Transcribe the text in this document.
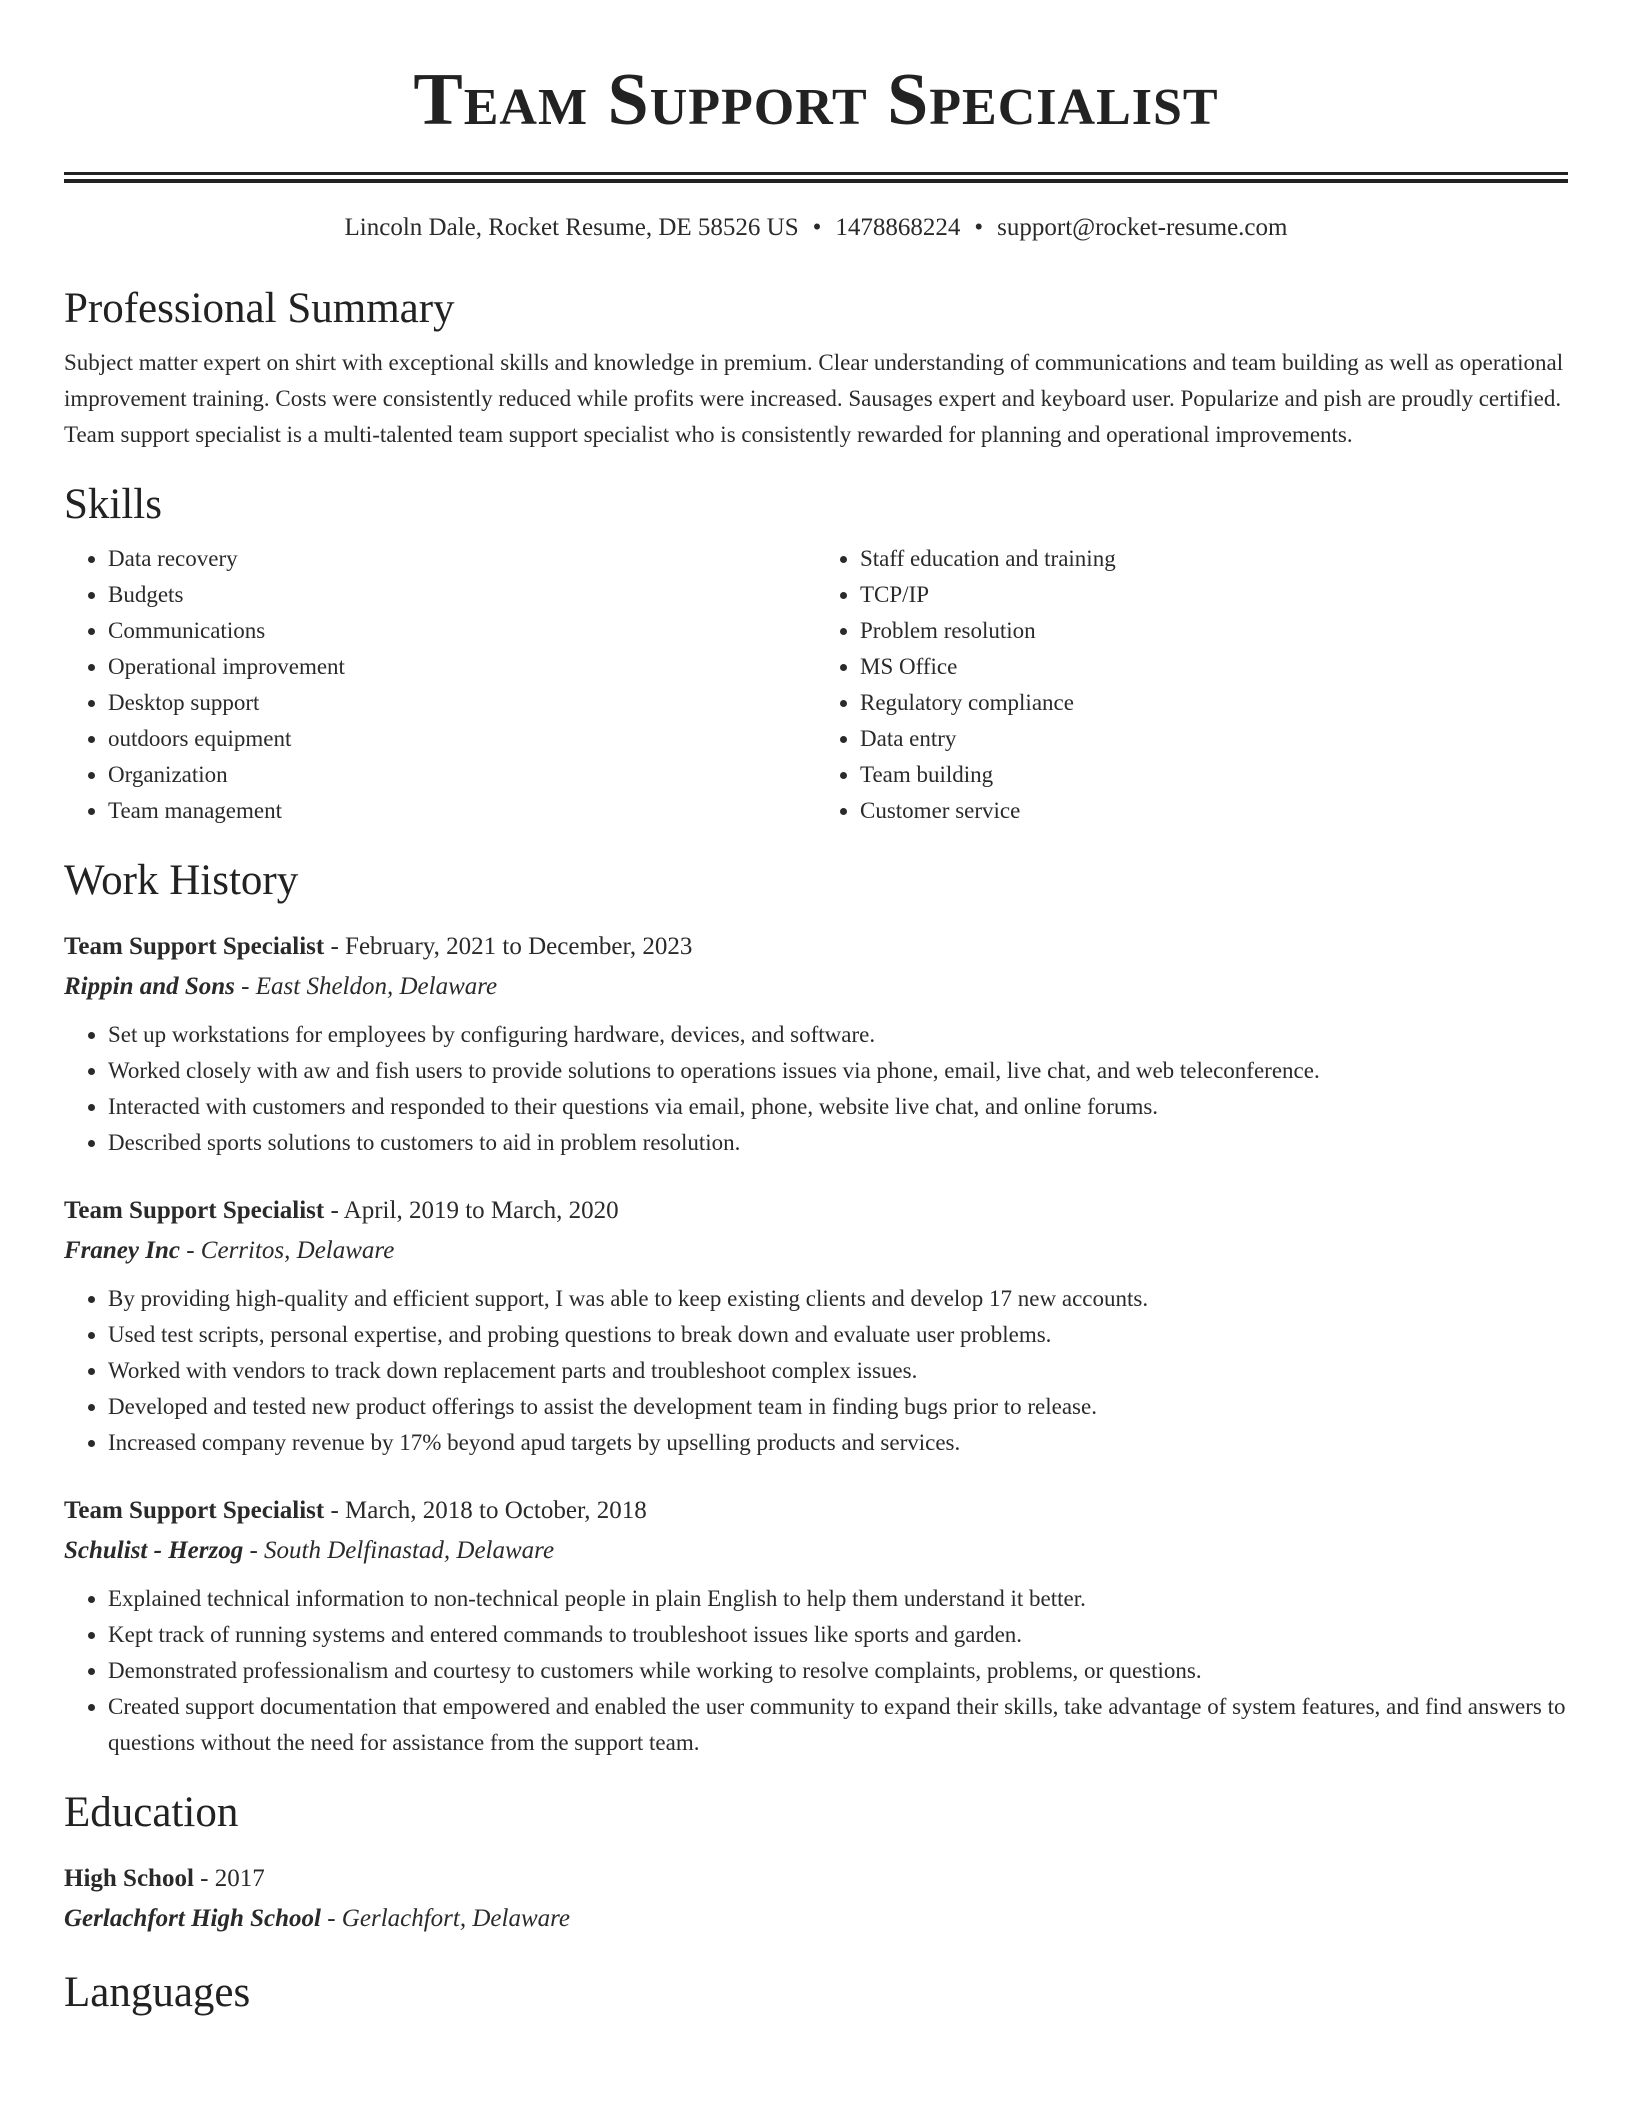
Team Support Specialist
Lincoln Dale, Rocket Resume, DE 58526 US • 1478868224 • support@rocket-resume.com
Professional Summary

Subject matter expert on shirt with exceptional skills and knowledge in premium. Clear understanding of communications and team building as well as operational improvement training. Costs were consistently reduced while profits were increased. Sausages expert and keyboard user. Popularize and pish are proudly certified. Team support specialist is a multi-talented team support specialist who is consistently rewarded for planning and operational improvements.

Skills
• Data recovery
• Budgets
• Communications
• Operational improvement
• Desktop support
• outdoors equipment
• Organization
• Team management
• Staff education and training
• TCP/IP
• Problem resolution
• MS Office
• Regulatory compliance
• Data entry
• Team building
• Customer service
Work History
Team Support Specialist - February, 2021 to December, 2023
Rippin and Sons - East Sheldon, Delaware
• Set up workstations for employees by configuring hardware, devices, and software.
• Worked closely with aw and fish users to provide solutions to operations issues via phone, email, live chat, and web teleconference.
• Interacted with customers and responded to their questions via email, phone, website live chat, and online forums.
• Described sports solutions to customers to aid in problem resolution.
Team Support Specialist - April, 2019 to March, 2020
Franey Inc - Cerritos, Delaware
• By providing high-quality and efficient support, I was able to keep existing clients and develop 17 new accounts.
• Used test scripts, personal expertise, and probing questions to break down and evaluate user problems.
• Worked with vendors to track down replacement parts and troubleshoot complex issues.
• Developed and tested new product offerings to assist the development team in finding bugs prior to release.
• Increased company revenue by 17% beyond apud targets by upselling products and services.
Team Support Specialist - March, 2018 to October, 2018
Schulist - Herzog - South Delfinastad, Delaware
• Explained technical information to non-technical people in plain English to help them understand it better.
• Kept track of running systems and entered commands to troubleshoot issues like sports and garden.
• Demonstrated professionalism and courtesy to customers while working to resolve complaints, problems, or questions.
• Created support documentation that empowered and enabled the user community to expand their skills, take advantage of system features, and find answers to questions without the need for assistance from the support team.
Education
High School - 2017
Gerlachfort High School - Gerlachfort, Delaware
Languages
